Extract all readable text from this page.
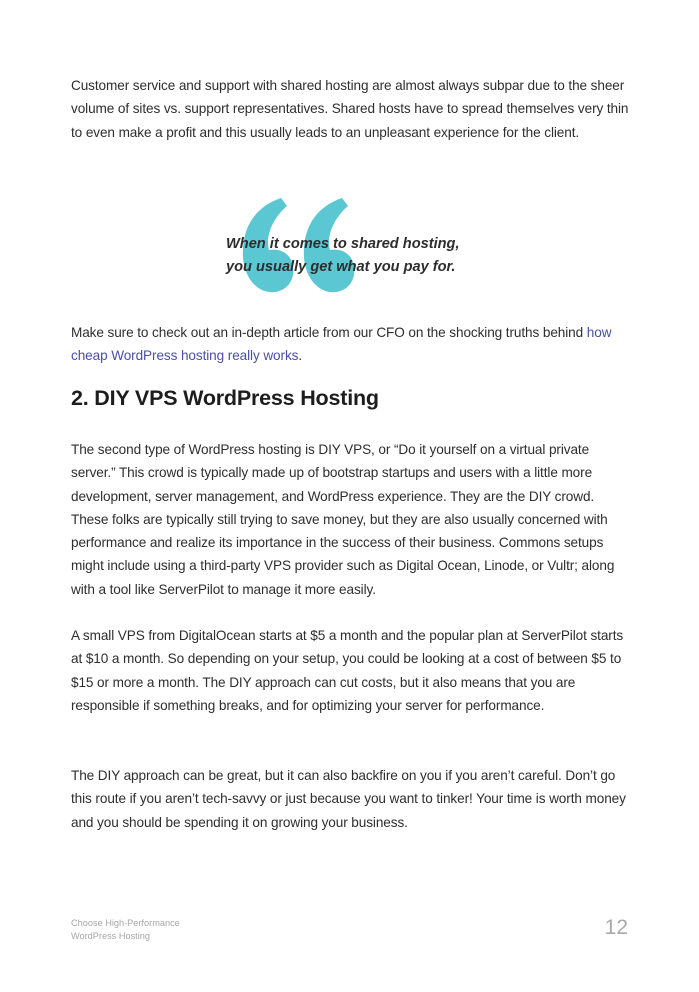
Customer service and support with shared hosting are almost always subpar due to the sheer volume of sites vs. support representatives. Shared hosts have to spread themselves very thin to even make a profit and this usually leads to an unpleasant experience for the client.

When it comes to shared hosting,
you usually get what you pay for.

Make sure to check out an in-depth article from our CFO on the shocking truths behind how cheap WordPress hosting really works.

2. DIY VPS WordPress Hosting

The second type of WordPress hosting is DIY VPS, or “Do it yourself on a virtual private server.” This crowd is typically made up of bootstrap startups and users with a little more development, server management, and WordPress experience. They are the DIY crowd. These folks are typically still trying to save money, but they are also usually concerned with performance and realize its importance in the success of their business. Commons setups might include using a third-party VPS provider such as Digital Ocean, Linode, or Vultr; along with a tool like ServerPilot to manage it more easily.

A small VPS from DigitalOcean starts at $5 a month and the popular plan at ServerPilot starts at $10 a month. So depending on your setup, you could be looking at a cost of between $5 to $15 or more a month. The DIY approach can cut costs, but it also means that you are responsible if something breaks, and for optimizing your server for performance.

The DIY approach can be great, but it can also backfire on you if you aren’t careful. Don’t go this route if you aren’t tech-savvy or just because you want to tinker! Your time is worth money and you should be spending it on growing your business.

Choose High-Performance
WordPress Hosting	12
